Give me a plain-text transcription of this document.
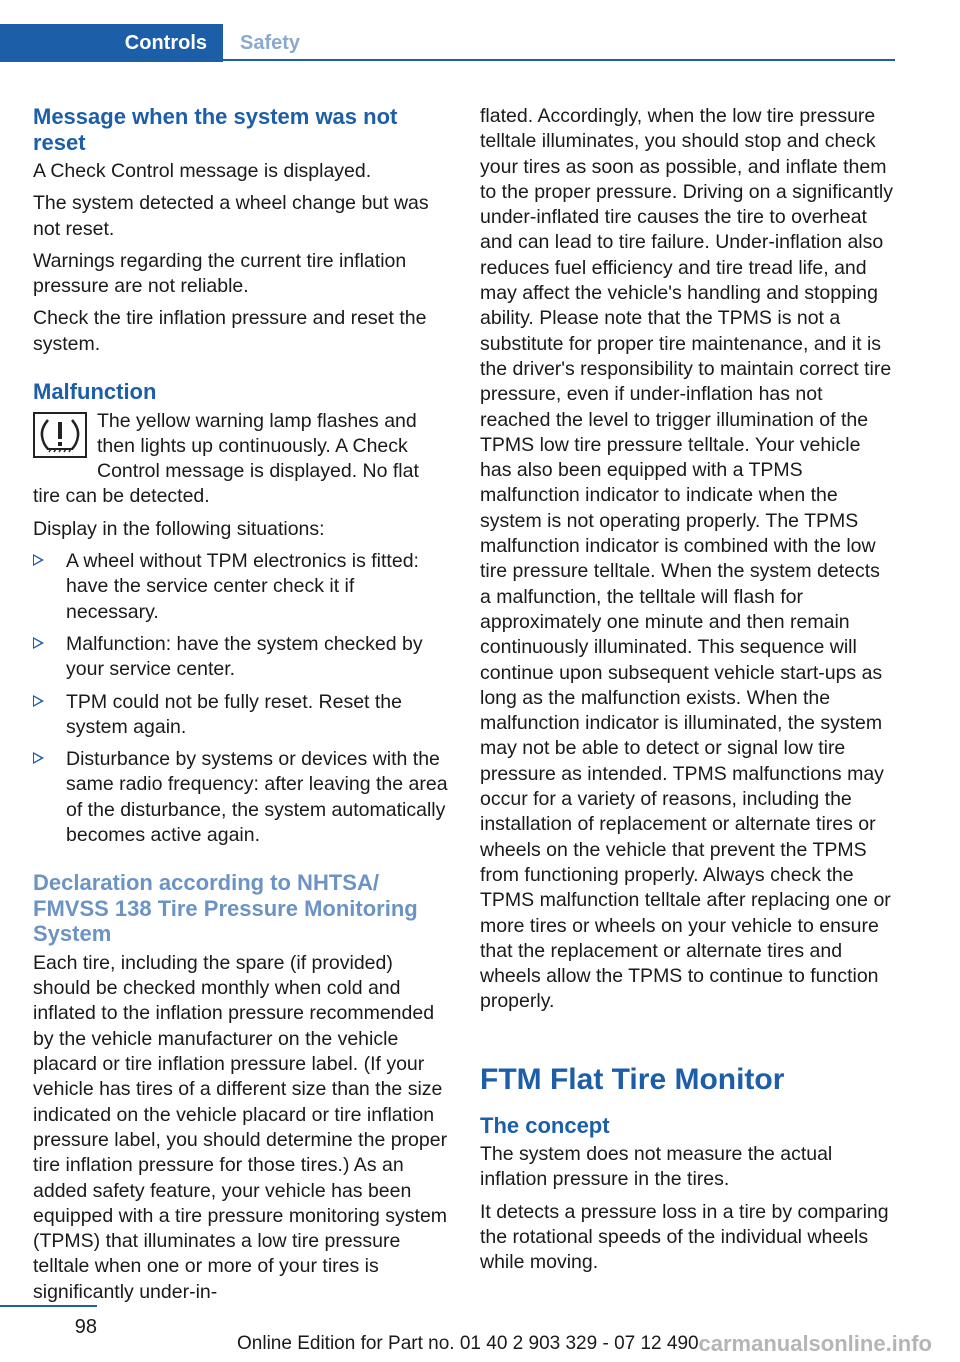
Controls	Safety
Message when the system was not reset

A Check Control message is displayed.

The system detected a wheel change but was not reset.

Warnings regarding the current tire inflation pressure are not reliable.

Check the tire inflation pressure and reset the system.

Malfunction
The yellow warning lamp flashes and then lights up continuously. A Check Control message is displayed. No flat tire can be detected.

Display in the following situations:

A wheel without TPM electronics is fitted: have the service center check it if necessary.
Malfunction: have the system checked by your service center.
TPM could not be fully reset. Reset the system again.
Disturbance by systems or devices with the same radio frequency: after leaving the area of the disturbance, the system automatically becomes active again.
Declaration according to NHTSA/ FMVSS 138 Tire Pressure Monitoring System

Each tire, including the spare (if provided) should be checked monthly when cold and inflated to the inflation pressure recommended by the vehicle manufacturer on the vehicle placard or tire inflation pressure label. (If your vehicle has tires of a different size than the size indicated on the vehicle placard or tire inflation pressure label, you should determine the proper tire inflation pressure for those tires.) As an added safety feature, your vehicle has been equipped with a tire pressure monitoring system (TPMS) that illuminates a low tire pressure telltale when one or more of your tires is significantly under-in-

flated. Accordingly, when the low tire pressure telltale illuminates, you should stop and check your tires as soon as possible, and inflate them to the proper pressure. Driving on a significantly under-inflated tire causes the tire to overheat and can lead to tire failure. Under-inflation also reduces fuel efficiency and tire tread life, and may affect the vehicle's handling and stopping ability. Please note that the TPMS is not a substitute for proper tire maintenance, and it is the driver's responsibility to maintain correct tire pressure, even if under-inflation has not reached the level to trigger illumination of the TPMS low tire pressure telltale. Your vehicle has also been equipped with a TPMS malfunction indicator to indicate when the system is not operating properly. The TPMS malfunction indicator is combined with the low tire pressure telltale. When the system detects a malfunction, the telltale will flash for approximately one minute and then remain continuously illuminated. This sequence will continue upon subsequent vehicle start-ups as long as the malfunction exists. When the malfunction indicator is illuminated, the system may not be able to detect or signal low tire pressure as intended. TPMS malfunctions may occur for a variety of reasons, including the installation of replacement or alternate tires or wheels on the vehicle that prevent the TPMS from functioning properly. Always check the TPMS malfunction telltale after replacing one or more tires or wheels on your vehicle to ensure that the replacement or alternate tires and wheels allow the TPMS to continue to function properly.

FTM Flat Tire Monitor
The concept

The system does not measure the actual inflation pressure in the tires.

It detects a pressure loss in a tire by comparing the rotational speeds of the individual wheels while moving.

98
Online Edition for Part no. 01 40 2 903 329 - 07 12 490 carmanualsonline.info
